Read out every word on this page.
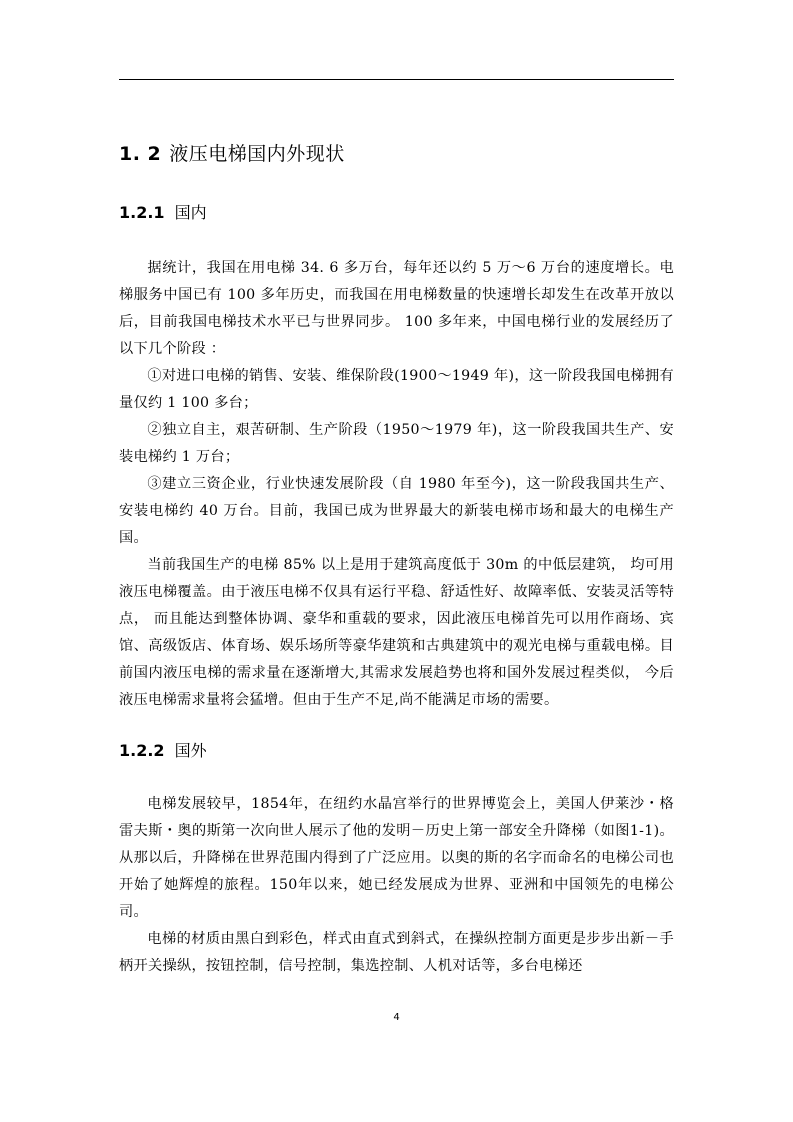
1. 2 液压电梯国内外现状
1.2.1 国内

据统计，我国在用电梯 34. 6 多万台，每年还以约 5 万～6 万台的速度增长。电梯服务中国已有 100 多年历史，而我国在用电梯数量的快速增长却发生在改革开放以后，目前我国电梯技术水平已与世界同步。 100 多年来，中国电梯行业的发展经历了以下几个阶段 ：

①对进口电梯的销售、安装、维保阶段(1900～1949 年)，这一阶段我国电梯拥有量仅约 1 100 多台；

②独立自主，艰苦研制、生产阶段（1950～1979 年)，这一阶段我国共生产、安装电梯约 1 万台；

③建立三资企业，行业快速发展阶段（自 1980 年至今)，这一阶段我国共生产、安装电梯约 40 万台。目前，我国已成为世界最大的新装电梯市场和最大的电梯生产国。

当前我国生产的电梯 85% 以上是用于建筑高度低于 30m 的中低层建筑， 均可用液压电梯覆盖。由于液压电梯不仅具有运行平稳、舒适性好、故障率低、安装灵活等特点， 而且能达到整体协调、豪华和重载的要求，因此液压电梯首先可以用作商场、宾馆、高级饭店、体育场、娱乐场所等豪华建筑和古典建筑中的观光电梯与重载电梯。目前国内液压电梯的需求量在逐渐增大,其需求发展趋势也将和国外发展过程类似， 今后液压电梯需求量将会猛增。但由于生产不足,尚不能满足市场的需要。

1.2.2 国外

电梯发展较早，1854年，在纽约水晶宫举行的世界博览会上，美国人伊莱沙・格雷夫斯・奥的斯第一次向世人展示了他的发明－历史上第一部安全升降梯（如图1-1)。从那以后，升降梯在世界范围内得到了广泛应用。以奥的斯的名字而命名的电梯公司也开始了她辉煌的旅程。150年以来，她已经发展成为世界、亚洲和中国领先的电梯公司。

电梯的材质由黑白到彩色，样式由直式到斜式，在操纵控制方面更是步步出新－手柄开关操纵，按钮控制，信号控制，集选控制、人机对话等，多台电梯还

4
